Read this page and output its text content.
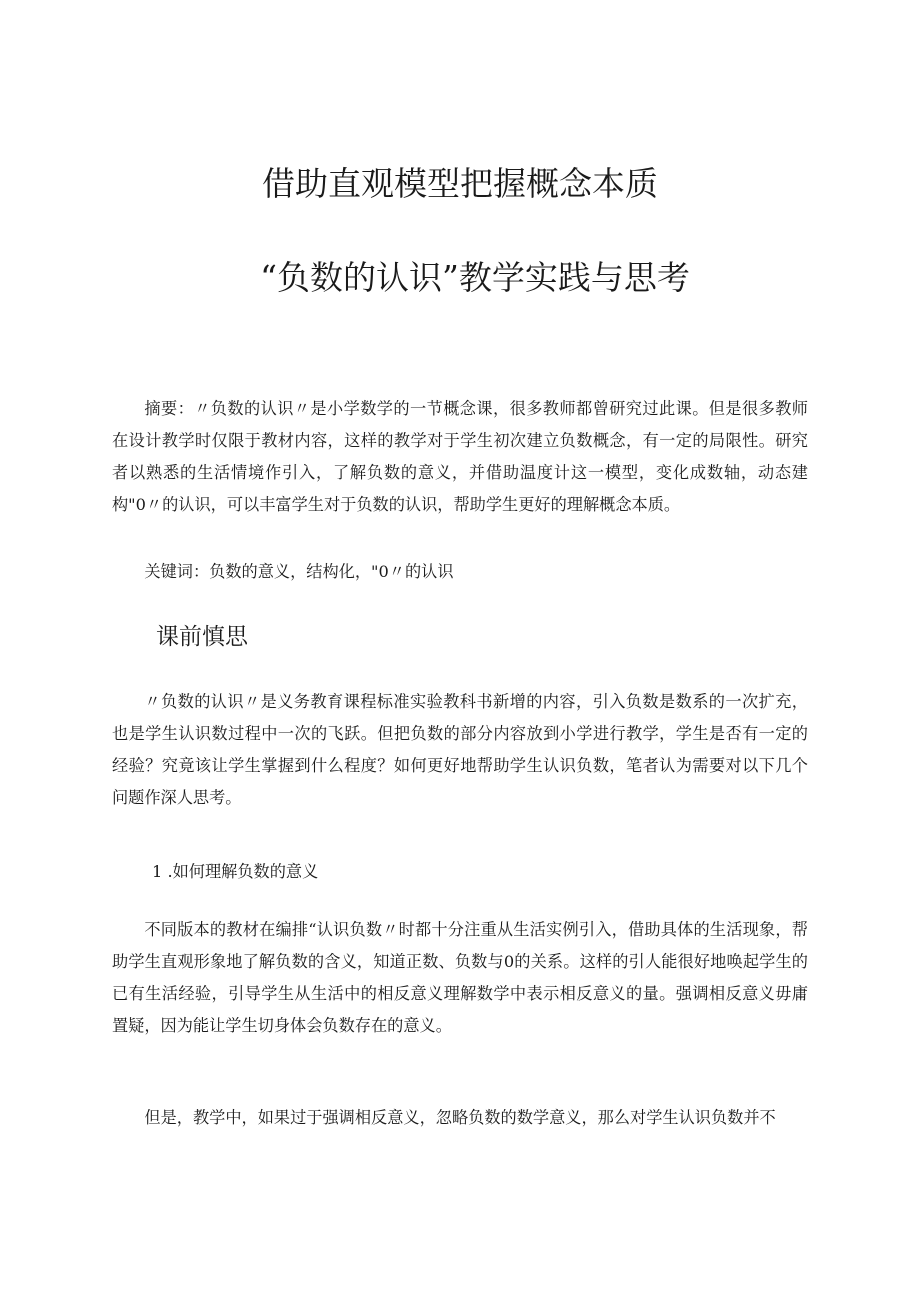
借助直观模型把握概念本质
“负数的认识”教学实践与思考

摘要：〃负数的认识〃是小学数学的一节概念课，很多教师都曾研究过此课。但是很多教师在设计教学时仅限于教材内容，这样的教学对于学生初次建立负数概念，有一定的局限性。研究者以熟悉的生活情境作引入，了解负数的意义，并借助温度计这一模型，变化成数轴，动态建构"0〃的认识，可以丰富学生对于负数的认识，帮助学生更好的理解概念本质。

关键词：负数的意义，结构化，"0〃的认识

课前慎思

〃负数的认识〃是义务教育课程标准实验教科书新增的内容，引入负数是数系的一次扩充，也是学生认识数过程中一次的飞跃。但把负数的部分内容放到小学进行教学，学生是否有一定的经验？究竟该让学生掌握到什么程度？如何更好地帮助学生认识负数，笔者认为需要对以下几个问题作深人思考。

1 .如何理解负数的意义

不同版本的教材在编排“认识负数〃时都十分注重从生活实例引入，借助具体的生活现象，帮助学生直观形象地了解负数的含义，知道正数、负数与0的关系。这样的引人能很好地唤起学生的已有生活经验，引导学生从生活中的相反意义理解数学中表示相反意义的量。强调相反意义毋庸置疑，因为能让学生切身体会负数存在的意义。

但是，教学中，如果过于强调相反意义，忽略负数的数学意义，那么对学生认识负数并不
